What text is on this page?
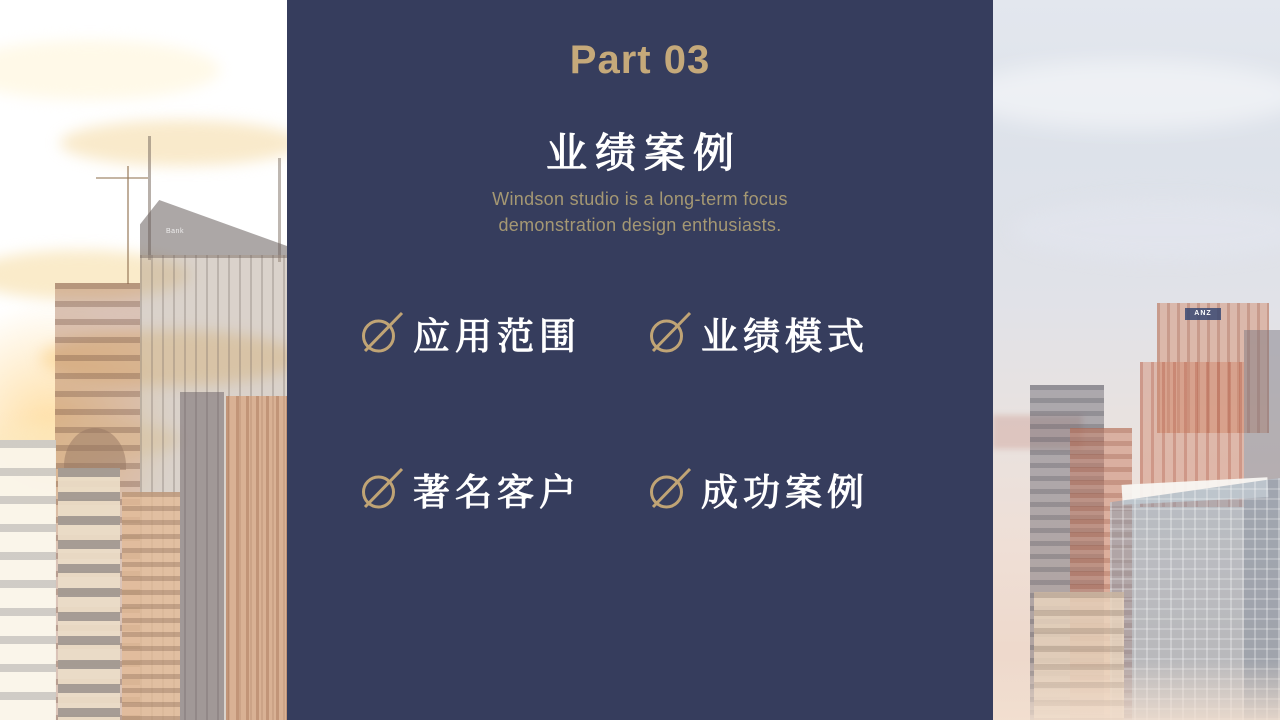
Bank
ANZ
Part 03
业绩案例
Windson studio is a long-term focus
demonstration design enthusiasts.
应用范围	业绩模式
著名客户	成功案例
